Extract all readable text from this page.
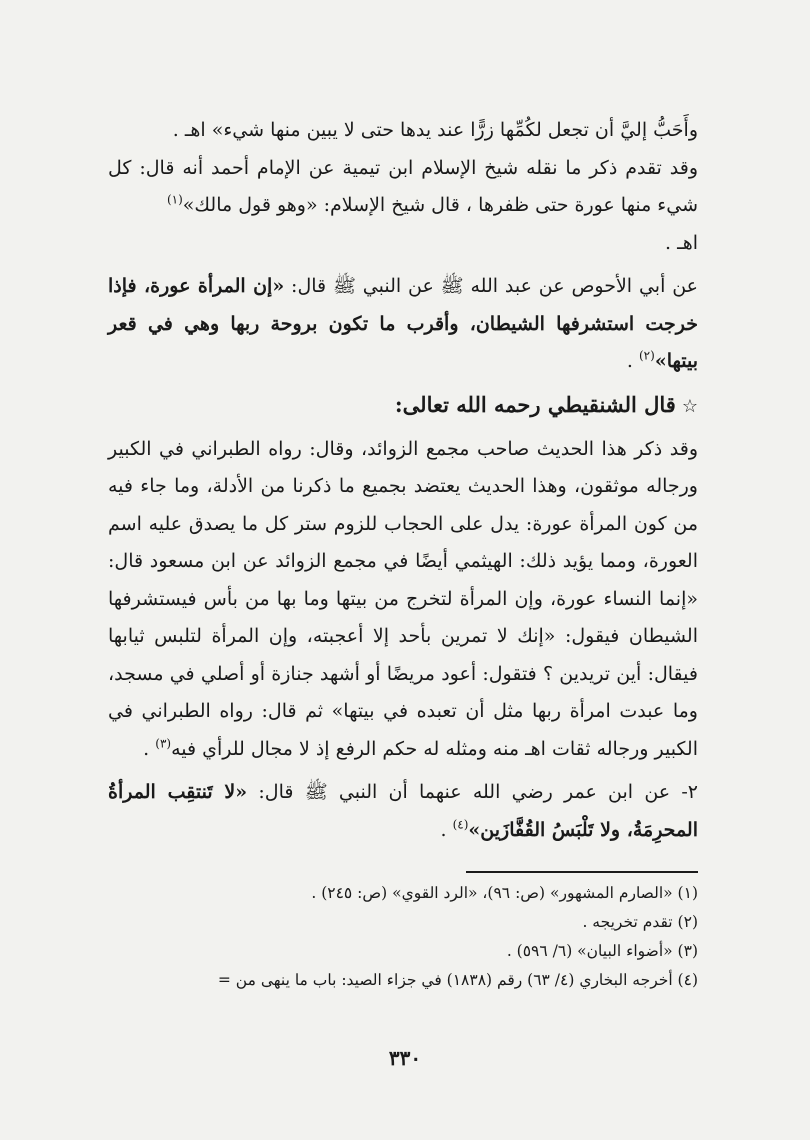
وأَحَبُّ إليَّ أن تجعل لكُمِّها زرًّا عند يدها حتى لا يبين منها شيء» اهـ .

وقد تقدم ذكر ما نقله شيخ الإسلام ابن تيمية عن الإمام أحمد أنه قال: كل شيء منها عورة حتى ظفرها ، قال شيخ الإسلام: «وهو قول مالك»$^{(١)}$
اهـ .

عن أبي الأحوص عن عبد الله ﷺ عن النبي ﷺ قال: «إن المرأة عورة، فإذا خرجت استشرفها الشيطان، وأقرب ما تكون بروحة ربها وهي في قعر بيتها»$^{(٢)}$ .

☆قال الشنقيطي رحمه الله تعالى:

وقد ذكر هذا الحديث صاحب مجمع الزوائد، وقال: رواه الطبراني في الكبير ورجاله موثقون، وهذا الحديث يعتضد بجميع ما ذكرنا من الأدلة، وما جاء فيه من كون المرأة عورة: يدل على الحجاب للزوم ستر كل ما يصدق عليه اسم العورة، ومما يؤيد ذلك: الهيثمي أيضًا في مجمع الزوائد عن ابن مسعود قال: «إنما النساء عورة، وإن المرأة لتخرج من بيتها وما بها من بأس فيستشرفها الشيطان فيقول: «إنك لا تمرين بأحد إلا أعجبته، وإن المرأة لتلبس ثيابها فيقال: أين تريدين ؟ فتقول: أعود مريضًا أو أشهد جنازة أو أصلي في مسجد، وما عبدت امرأة ربها مثل أن تعبده في بيتها» ثم قال: رواه الطبراني في الكبير ورجاله ثقات اهـ منه ومثله له حكم الرفع إذ لا مجال للرأي فيه$^{(٣)}$ .

٢- عن ابن عمر رضي الله عنهما أن النبي ﷺ قال: «لا تَنتقِب المرأةُ المحرِمَةُ، ولا تَلْبَسُ القُفَّازَين»$^{(٤)}$ .

(١) «الصارم المشهور» (ص: ٩٦)، «الرد القوي» (ص: ٢٤٥) .

(٢) تقدم تخريجه .

(٣) «أضواء البيان» (٦/ ٥٩٦) .

(٤) أخرجه البخاري (٤/ ٦٣) رقم (١٨٣٨) في جزاء الصيد: باب ما ينهى من =

٣٣٠
